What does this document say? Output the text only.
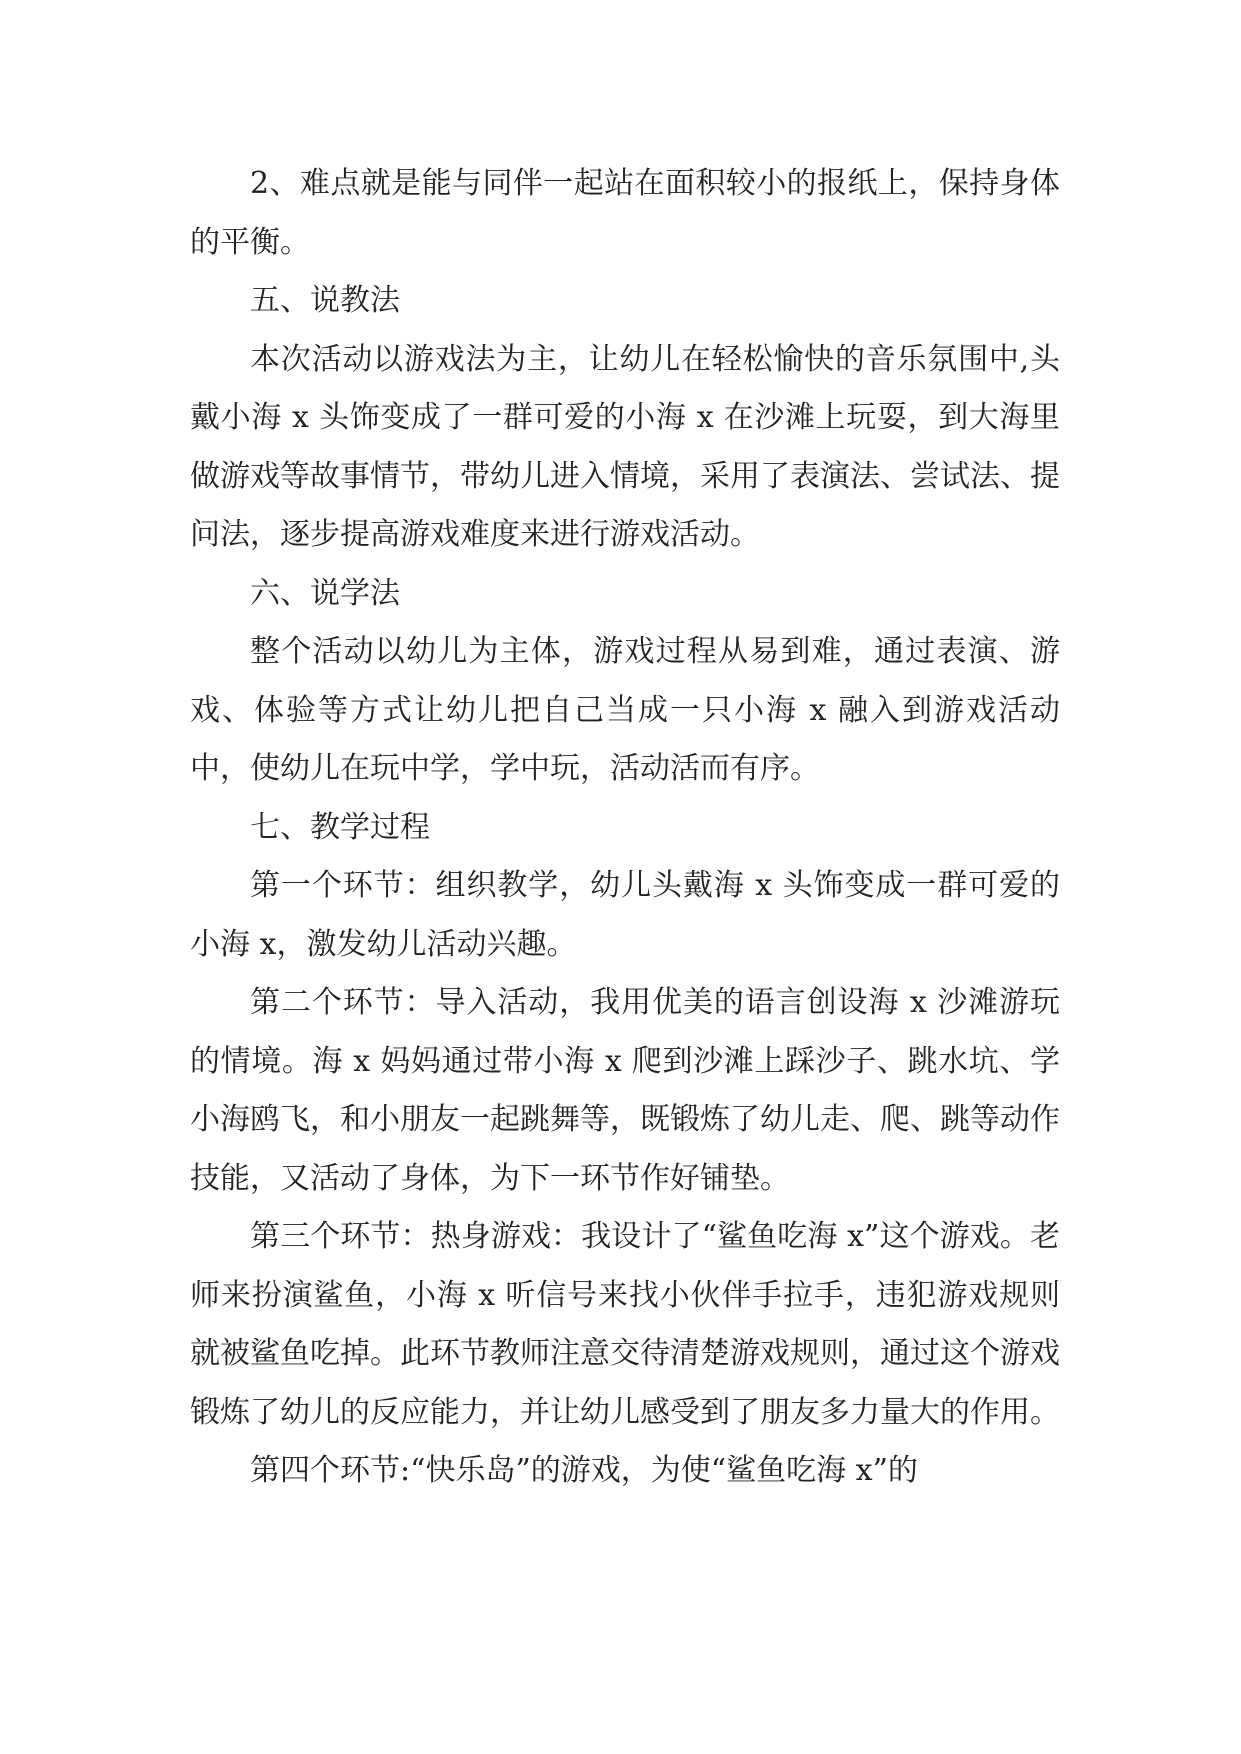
2、难点就是能与同伴一起站在面积较小的报纸上，保持身体的平衡。

五、说教法

本次活动以游戏法为主，让幼儿在轻松愉快的音乐氛围中,头戴小海 x 头饰变成了一群可爱的小海 x 在沙滩上玩耍，到大海里做游戏等故事情节，带幼儿进入情境，采用了表演法、尝试法、提问法，逐步提高游戏难度来进行游戏活动。

六、说学法

整个活动以幼儿为主体，游戏过程从易到难，通过表演、游戏、体验等方式让幼儿把自己当成一只小海 x 融入到游戏活动中，使幼儿在玩中学，学中玩，活动活而有序。

七、教学过程

第一个环节：组织教学，幼儿头戴海 x 头饰变成一群可爱的小海 x，激发幼儿活动兴趣。

第二个环节：导入活动，我用优美的语言创设海 x 沙滩游玩的情境。海 x 妈妈通过带小海 x 爬到沙滩上踩沙子、跳水坑、学小海鸥飞，和小朋友一起跳舞等，既锻炼了幼儿走、爬、跳等动作技能，又活动了身体，为下一环节作好铺垫。

第三个环节：热身游戏：我设计了“鲨鱼吃海 x”这个游戏。老师来扮演鲨鱼，小海 x 听信号来找小伙伴手拉手，违犯游戏规则就被鲨鱼吃掉。此环节教师注意交待清楚游戏规则，通过这个游戏锻炼了幼儿的反应能力，并让幼儿感受到了朋友多力量大的作用。

第四个环节:“快乐岛”的游戏，为使“鲨鱼吃海 x”的
